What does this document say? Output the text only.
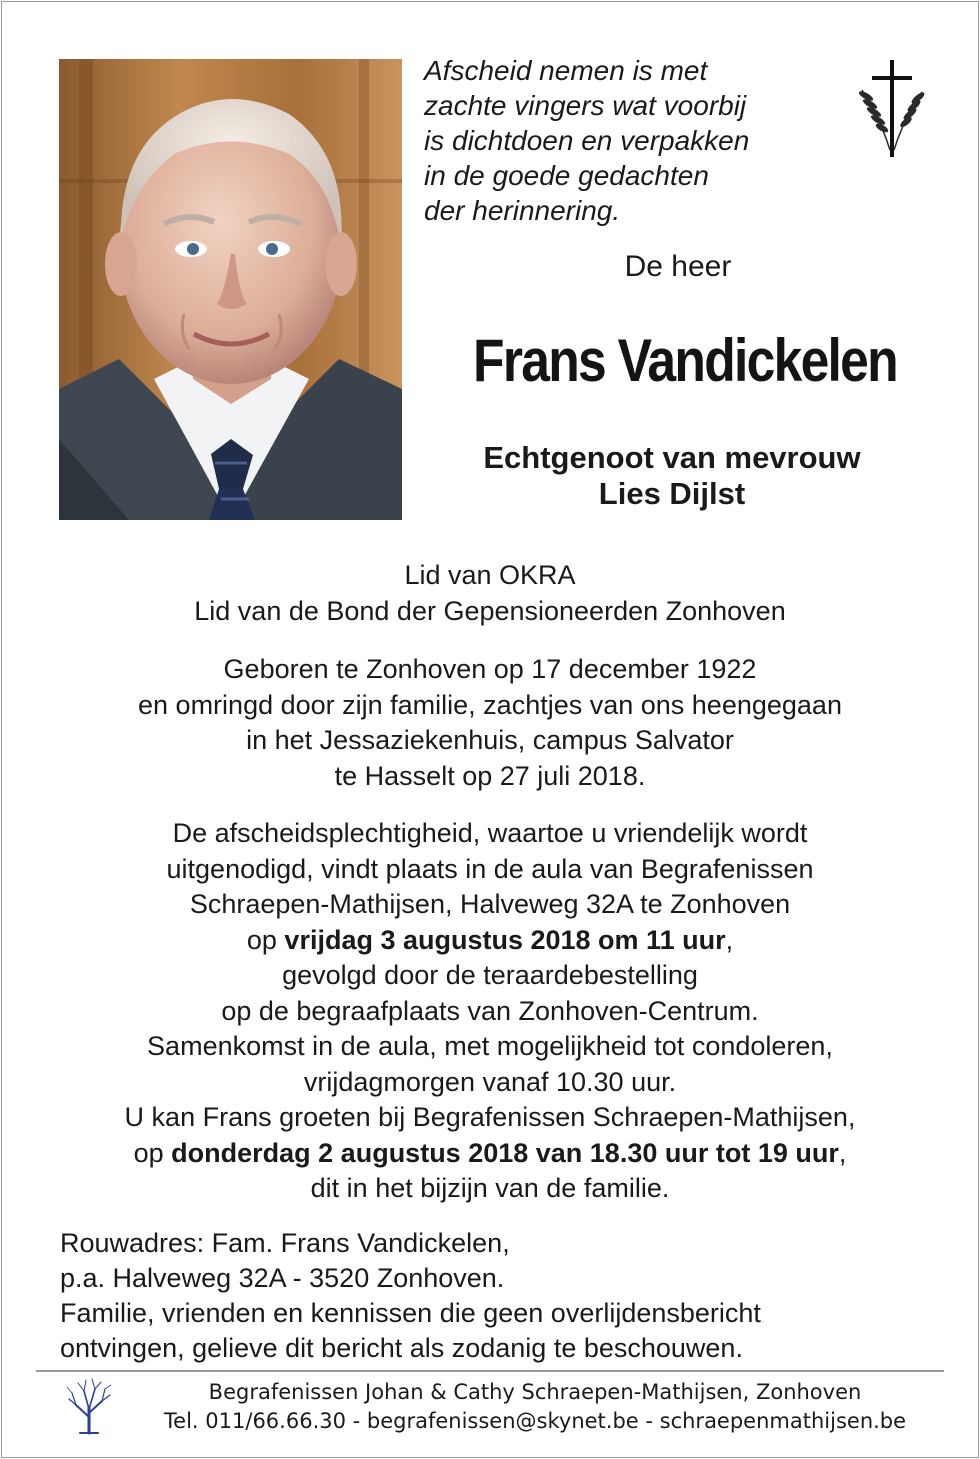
Afscheid nemen is met
zachte vingers wat voorbij
is dichtdoen en verpakken
in de goede gedachten
der herinnering.
De heer
Frans Vandickelen
Echtgenoot van mevrouw
Lies Dijlst
Lid van OKRA
Lid van de Bond der Gepensioneerden Zonhoven
Geboren te Zonhoven op 17 december 1922
en omringd door zijn familie, zachtjes van ons heengegaan
in het Jessaziekenhuis, campus Salvator
te Hasselt op 27 juli 2018.
De afscheidsplechtigheid, waartoe u vriendelijk wordt
uitgenodigd, vindt plaats in de aula van Begrafenissen
Schraepen-Mathijsen, Halveweg 32A te Zonhoven
op vrijdag 3 augustus 2018 om 11 uur,
gevolgd door de teraardebestelling
op de begraafplaats van Zonhoven-Centrum.
Samenkomst in de aula, met mogelijkheid tot condoleren,
vrijdagmorgen vanaf 10.30 uur.
U kan Frans groeten bij Begrafenissen Schraepen-Mathijsen,
op donderdag 2 augustus 2018 van 18.30 uur tot 19 uur,
dit in het bijzijn van de familie.
Rouwadres: Fam. Frans Vandickelen,
p.a. Halveweg 32A - 3520 Zonhoven.
Familie, vrienden en kennissen die geen overlijdensbericht
ontvingen, gelieve dit bericht als zodanig te beschouwen.
Begrafenissen Johan & Cathy Schraepen-Mathijsen, Zonhoven
Tel. 011/66.66.30 - begrafenissen@skynet.be - schraepenmathijsen.be
